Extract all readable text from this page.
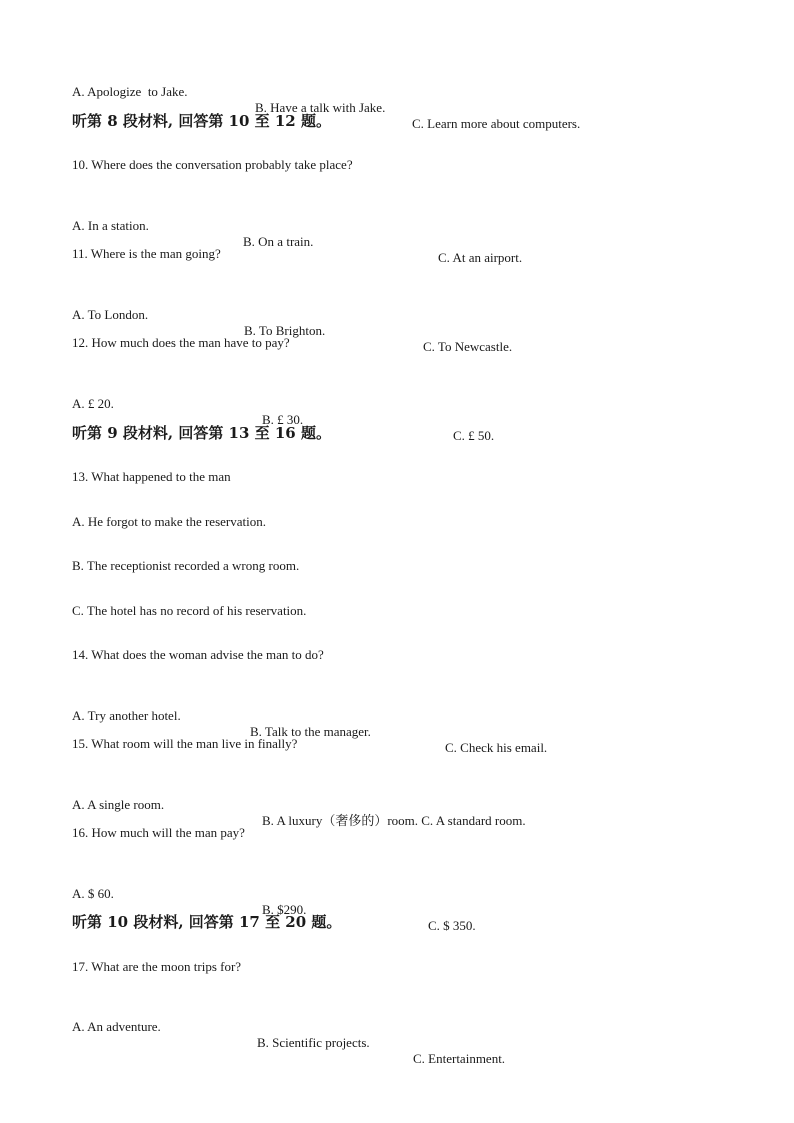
A. Apologize  to Jake.

B. Have a talk with Jake.

C. Learn more about computers.

听第 8 段材料, 回答第 10 至 12 题。
10. Where does the conversation probably take place?

A. In a station.

B. On a train.

C. At an airport.

11. Where is the man going?

A. To London.

B. To Brighton.

C. To Newcastle.

12. How much does the man have to pay?

A. £ 20.

B. £ 30.

C. £ 50.

听第 9 段材料, 回答第 13 至 16 题。
13. What happened to the man
A. He forgot to make the reservation.
B. The receptionist recorded a wrong room.
C. The hotel has no record of his reservation.
14. What does the woman advise the man to do?

A. Try another hotel.

B. Talk to the manager.

C. Check his email.

15. What room will the man live in finally?

A. A single room.

B. A luxury（奢侈的）room. C. A standard room.

16. How much will the man pay?

A. $ 60.

B. $290.

C. $ 350.

听第 10 段材料, 回答第 17 至 20 题。
17. What are the moon trips for?

A. An adventure.

B. Scientific projects.

C. Entertainment.
